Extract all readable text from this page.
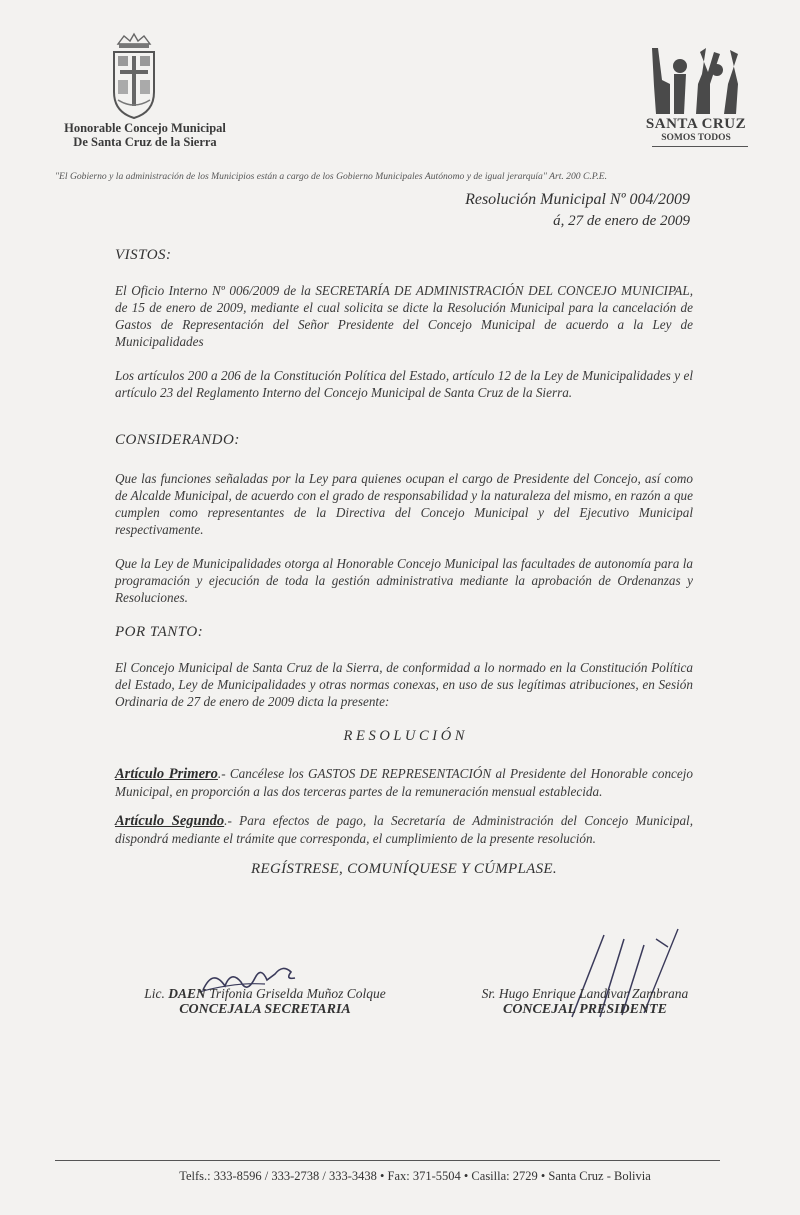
Honorable Concejo Municipal
De Santa Cruz de la Sierra
SANTA CRUZ
SOMOS TODOS
"El Gobierno y la administración de los Municipios están a cargo de los Gobierno Municipales Autónomo y de igual jerarquía" Art. 200 C.P.E.
Resolución Municipal Nº 004/2009
á, 27 de enero de 2009
VISTOS:
El Oficio Interno Nº 006/2009 de la SECRETARÍA DE ADMINISTRACIÓN DEL CONCEJO MUNICIPAL, de 15 de enero de 2009, mediante el cual solicita se dicte la Resolución Municipal para la cancelación de Gastos de Representación del Señor Presidente del Concejo Municipal de acuerdo a la Ley de Municipalidades
Los artículos 200 a 206 de la Constitución Política del Estado, artículo 12 de la Ley de Municipalidades y el artículo 23 del Reglamento Interno del Concejo Municipal de Santa Cruz de la Sierra.
CONSIDERANDO:
Que las funciones señaladas por la Ley para quienes ocupan el cargo de Presidente del Concejo, así como de Alcalde Municipal, de acuerdo con el grado de responsabilidad y la naturaleza del mismo, en razón a que cumplen como representantes de la Directiva del Concejo Municipal y del Ejecutivo Municipal respectivamente.
Que la Ley de Municipalidades otorga al Honorable Concejo Municipal las facultades de autonomía para la programación y ejecución de toda la gestión administrativa mediante la aprobación de Ordenanzas y Resoluciones.
POR TANTO:
El Concejo Municipal de Santa Cruz de la Sierra, de conformidad a lo normado en la Constitución Política del Estado, Ley de Municipalidades y otras normas conexas, en uso de sus legítimas atribuciones, en Sesión Ordinaria de 27 de enero de 2009 dicta la presente:
R E S O L U C I Ó N
Artículo Primero.- Cancélese los GASTOS DE REPRESENTACIÓN al Presidente del Honorable concejo Municipal, en proporción a las dos terceras partes de la remuneración mensual establecida.
Artículo Segundo.- Para efectos de pago, la Secretaría de Administración del Concejo Municipal, dispondrá mediante el trámite que corresponda, el cumplimiento de la presente resolución.
REGÍSTRESE, COMUNÍQUESE Y CÚMPLASE.
Lic. DAEN Trifonia Griselda Muñoz Colque
CONCEJALA SECRETARIA
Sr. Hugo Enrique Landivar Zambrana
CONCEJAL PRESIDENTE
Telfs.: 333-8596 / 333-2738 / 333-3438 • Fax: 371-5504 • Casilla: 2729 • Santa Cruz - Bolivia
